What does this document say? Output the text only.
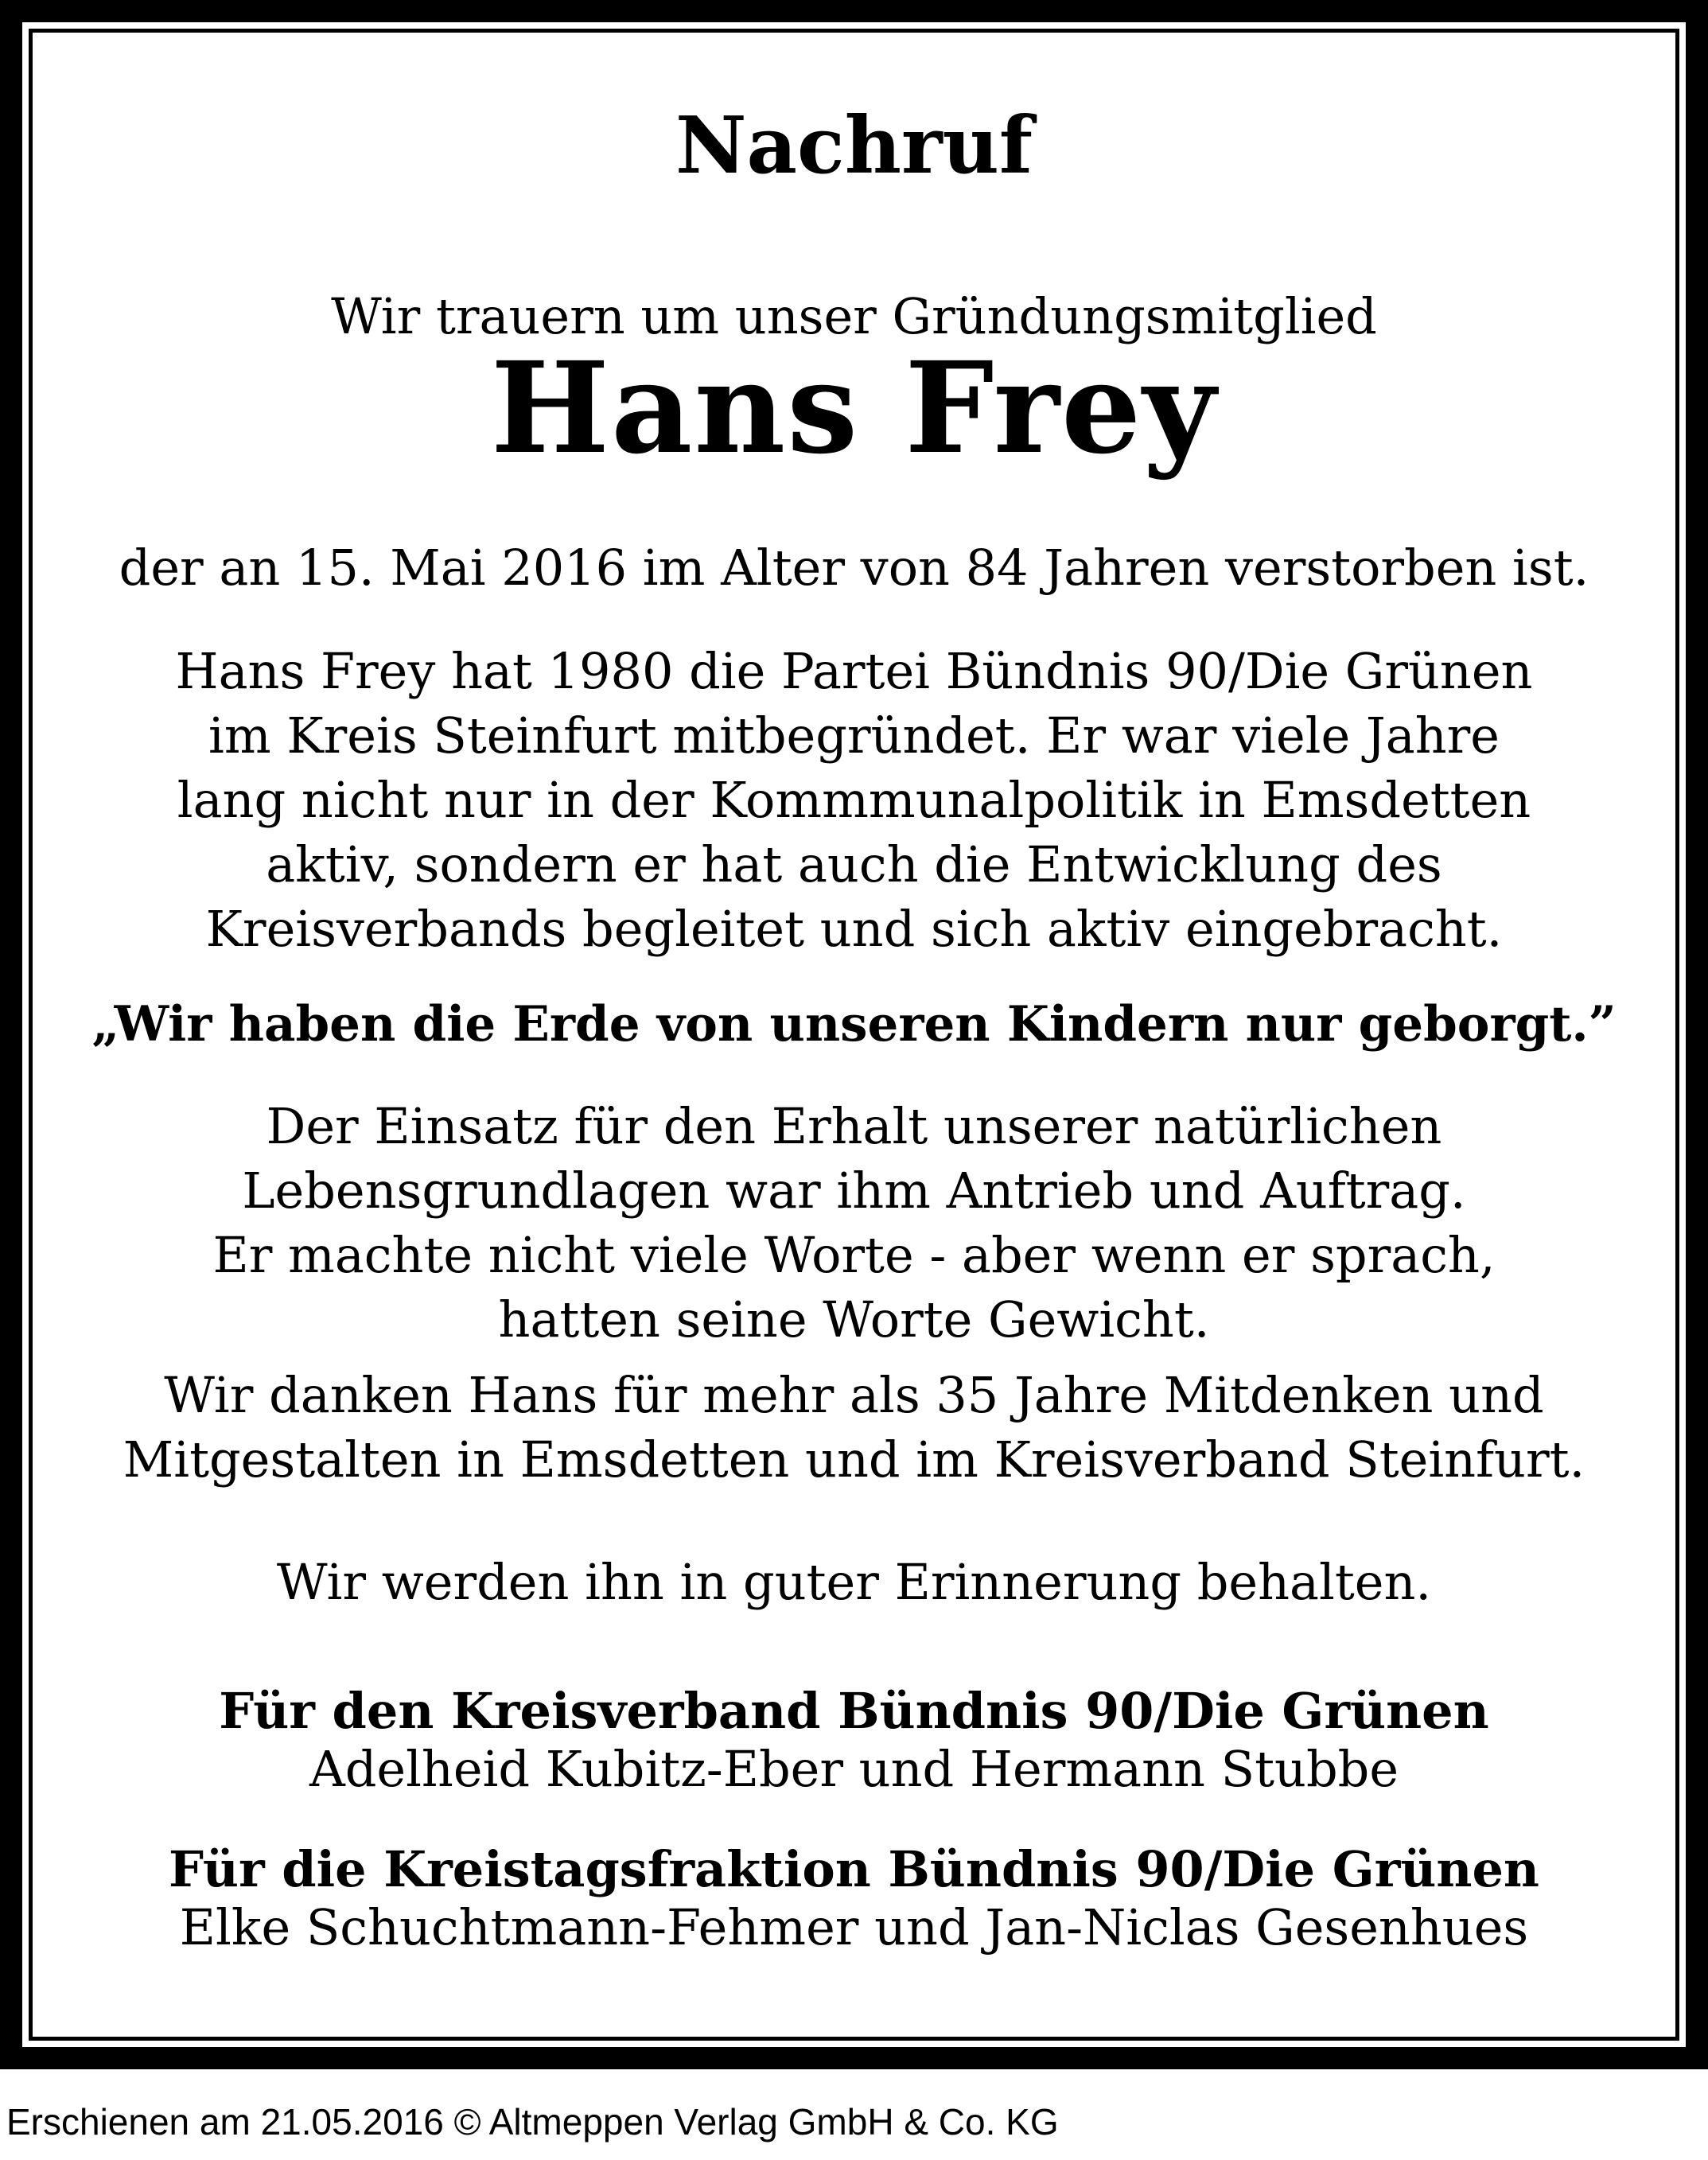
Nachruf
Wir trauern um unser Gründungsmitglied
Hans Frey
der an 15. Mai 2016 im Alter von 84 Jahren verstorben ist.
Hans Frey hat 1980 die Partei Bündnis 90/Die Grünen
im Kreis Steinfurt mitbegründet. Er war viele Jahre
lang nicht nur in der Kommmunalpolitik in Emsdetten
aktiv, sondern er hat auch die Entwicklung des
Kreisverbands begleitet und sich aktiv eingebracht.
„Wir haben die Erde von unseren Kindern nur geborgt.”
Der Einsatz für den Erhalt unserer natürlichen
Lebensgrundlagen war ihm Antrieb und Auftrag.
Er machte nicht viele Worte - aber wenn er sprach,
hatten seine Worte Gewicht.
Wir danken Hans für mehr als 35 Jahre Mitdenken und
Mitgestalten in Emsdetten und im Kreisverband Steinfurt.
Wir werden ihn in guter Erinnerung behalten.
Für den Kreisverband Bündnis 90/Die Grünen
Adelheid Kubitz-Eber und Hermann Stubbe
Für die Kreistagsfraktion Bündnis 90/Die Grünen
Elke Schuchtmann-Fehmer und Jan-Niclas Gesenhues
Erschienen am 21.05.2016 © Altmeppen Verlag GmbH & Co. KG
